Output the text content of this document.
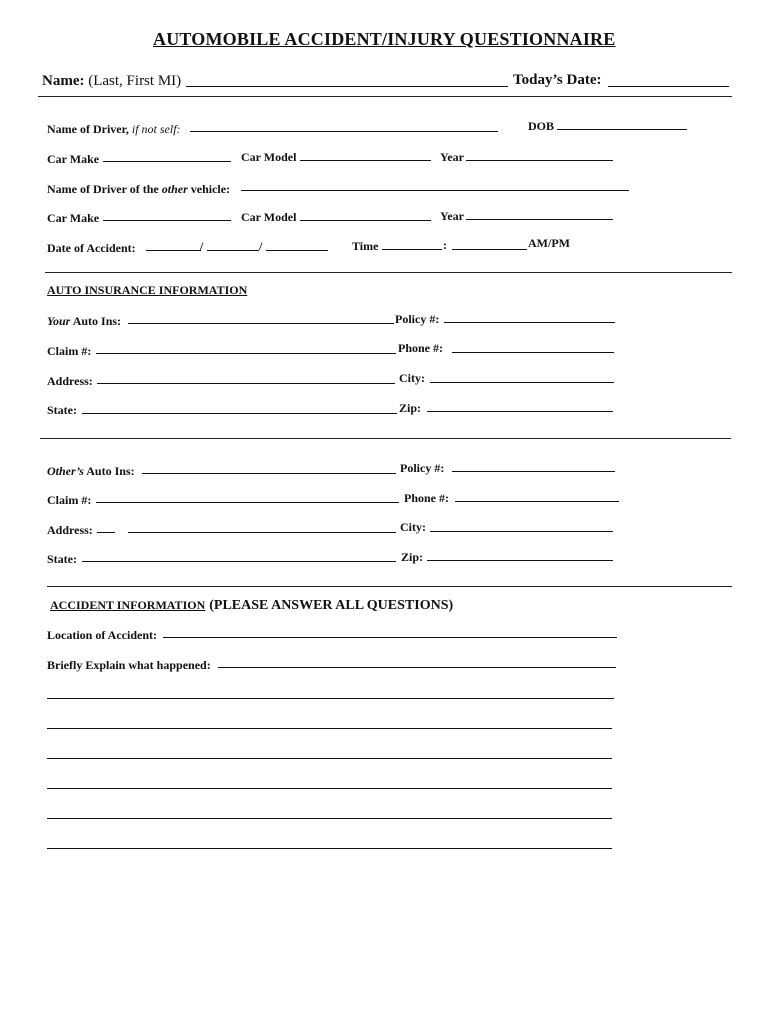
AUTOMOBILE ACCIDENT/INJURY QUESTIONNAIRE
Name: (Last, First MI)	Today’s Date:
Name of Driver, if not self:	DOB
Car Make	Car Model	Year
Name of Driver of the other vehicle:
Car Make	Car Model	Year
Date of Accident:	/	/	Time	:	AM/PM
AUTO INSURANCE INFORMATION
Your Auto Ins:	Policy #:
Claim #:	Phone #:
Address:	City:
State:	Zip:
Other’s Auto Ins:	Policy #:
Claim #:	Phone #:
Address:	City:
State:	Zip:
ACCIDENT INFORMATION (PLEASE ANSWER ALL QUESTIONS)
Location of Accident:
Briefly Explain what happened:
